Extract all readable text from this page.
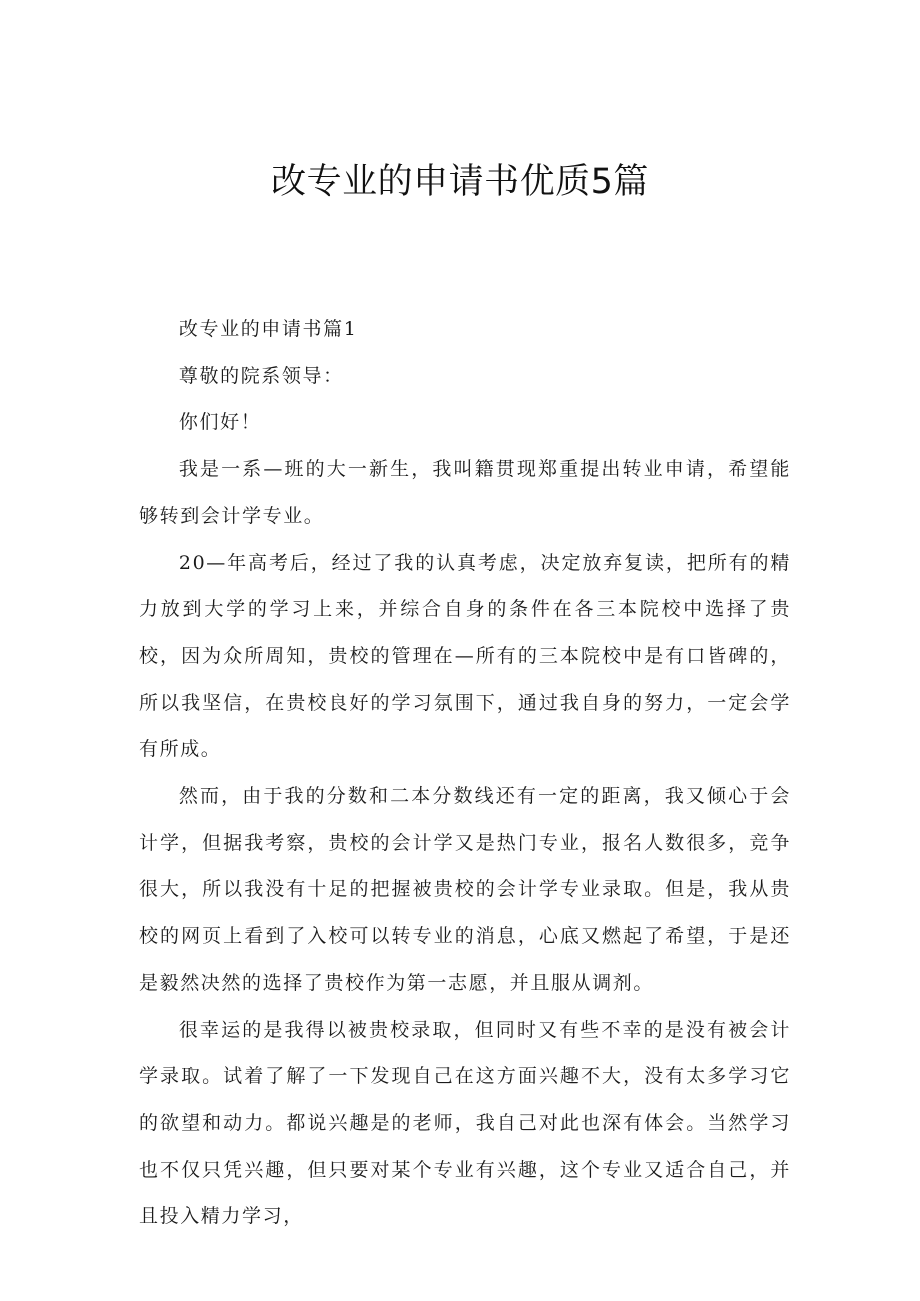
改专业的申请书优质5篇

改专业的申请书篇1

尊敬的院系领导：

你们好！

我是一系—班的大一新生，我叫籍贯现郑重提出转业申请，希望能够转到会计学专业。

20—年高考后，经过了我的认真考虑，决定放弃复读，把所有的精力放到大学的学习上来，并综合自身的条件在各三本院校中选择了贵校，因为众所周知，贵校的管理在—所有的三本院校中是有口皆碑的，所以我坚信，在贵校良好的学习氛围下，通过我自身的努力，一定会学有所成。

然而，由于我的分数和二本分数线还有一定的距离，我又倾心于会计学，但据我考察，贵校的会计学又是热门专业，报名人数很多，竞争很大，所以我没有十足的把握被贵校的会计学专业录取。但是，我从贵校的网页上看到了入校可以转专业的消息，心底又燃起了希望，于是还是毅然决然的选择了贵校作为第一志愿，并且服从调剂。

很幸运的是我得以被贵校录取，但同时又有些不幸的是没有被会计学录取。试着了解了一下发现自己在这方面兴趣不大，没有太多学习它的欲望和动力。都说兴趣是的老师，我自己对此也深有体会。当然学习也不仅只凭兴趣，但只要对某个专业有兴趣，这个专业又适合自己，并且投入精力学习，
